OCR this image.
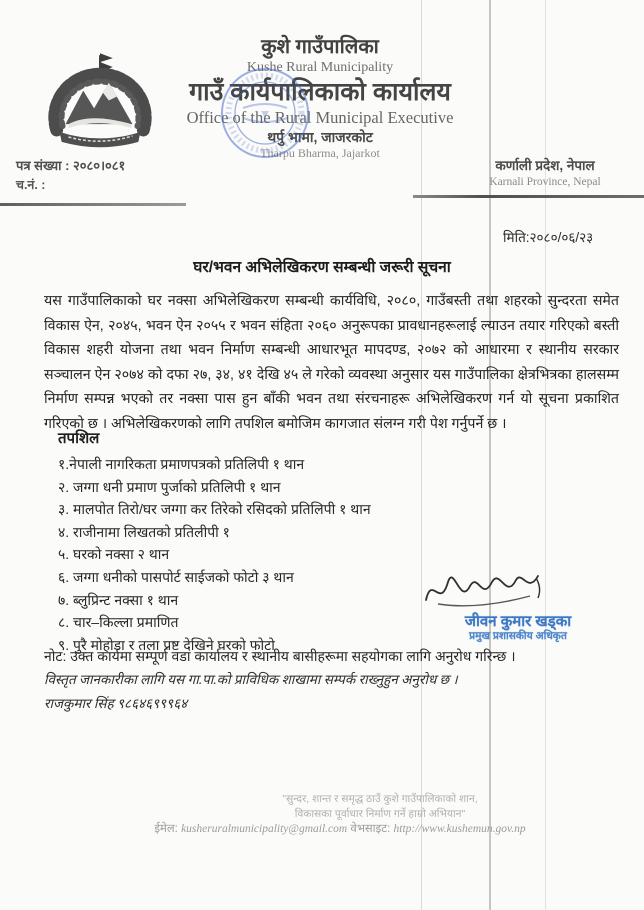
कुशे गाउँपालिका
Kushe Rural Municipality
गाउँ कार्यपालिकाको कार्यालय
Office of the Rural Municipal Executive
थर्पु भामा, जाजरकोट
Tharpu Bharma, Jajarkot
कर्णाली प्रदेश, नेपाल
Karnali Province, Nepal
पत्र संख्या : २०८०।०८१
च.नं. :
मिति:२०८०/०६/२३
घर/भवन अभिलेखिकरण सम्बन्धी जरूरी सूचना
यस गाउँपालिकाको घर नक्सा अभिलेखिकरण सम्बन्धी कार्यविधि, २०८०, गाउँबस्ती तथा शहरको सुन्दरता समेत विकास ऐन, २०४५, भवन ऐन २०५५ र भवन संहिता २०६० अनुरूपका प्रावधानहरूलाई ल्याउन तयार गरिएको बस्ती विकास शहरी योजना तथा भवन निर्माण सम्बन्धी आधारभूत मापदण्ड, २०७२ को आधारमा र स्थानीय सरकार सञ्चालन ऐन २०७४ को दफा २७, ३४, ४१ देखि ४५ ले गरेको व्यवस्था अनुसार यस गाउँपालिका क्षेत्रभित्रका हालसम्म निर्माण सम्पन्न भएको तर नक्सा पास हुन बाँकी भवन तथा संरचनाहरू अभिलेखिकरण गर्न यो सूचना प्रकाशित गरिएको छ । अभिलेखिकरणको लागि तपशिल बमोजिम कागजात संलग्न गरी पेश गर्नुपर्ने छ ।
तपशिल
१.नेपाली नागरिकता प्रमाणपत्रको प्रतिलिपी १ थान
२. जग्गा धनी प्रमाण पुर्जाको प्रतिलिपी १ थान
३. मालपोत तिरो/घर जग्गा कर तिरेको रसिदको प्रतिलिपी १ थान
४. राजीनामा लिखतको प्रतिलीपी १
५. घरको नक्सा २ थान
६. जग्गा धनीको पासपोर्ट साईजको फोटो ३ थान
७. ब्लुप्रिन्ट नक्सा १ थान
८. चार–किल्ला प्रमाणित
९. पुरै मोहोडा र तला प्रष्ट देखिने घरको फोटो
जीवन कुमार खड्का
प्रमुख प्रशासकीय अधिकृत
नोट: उक्त कार्यमा सम्पूर्ण वडा कार्यालय र स्थानीय बासीहरूमा सहयोगका लागि अनुरोध गरिन्छ ।
विस्तृत जानकारीका लागि यस गा.पा.को प्राविधिक शाखामा सम्पर्क राख्नुहुन अनुरोध छ ।
राजकुमार सिंह ९८६४६९९९६४
"सुन्दर, शान्त र समृद्ध ठाउँ कुशे गाउँपालिकाको शान,
विकासका पूर्वाधार निर्माण गर्ने हाम्रो अभियान"
ईमेल: kusheruralmunicipality@gmail.com वेभसाइट: http://www.kushemun.gov.np
